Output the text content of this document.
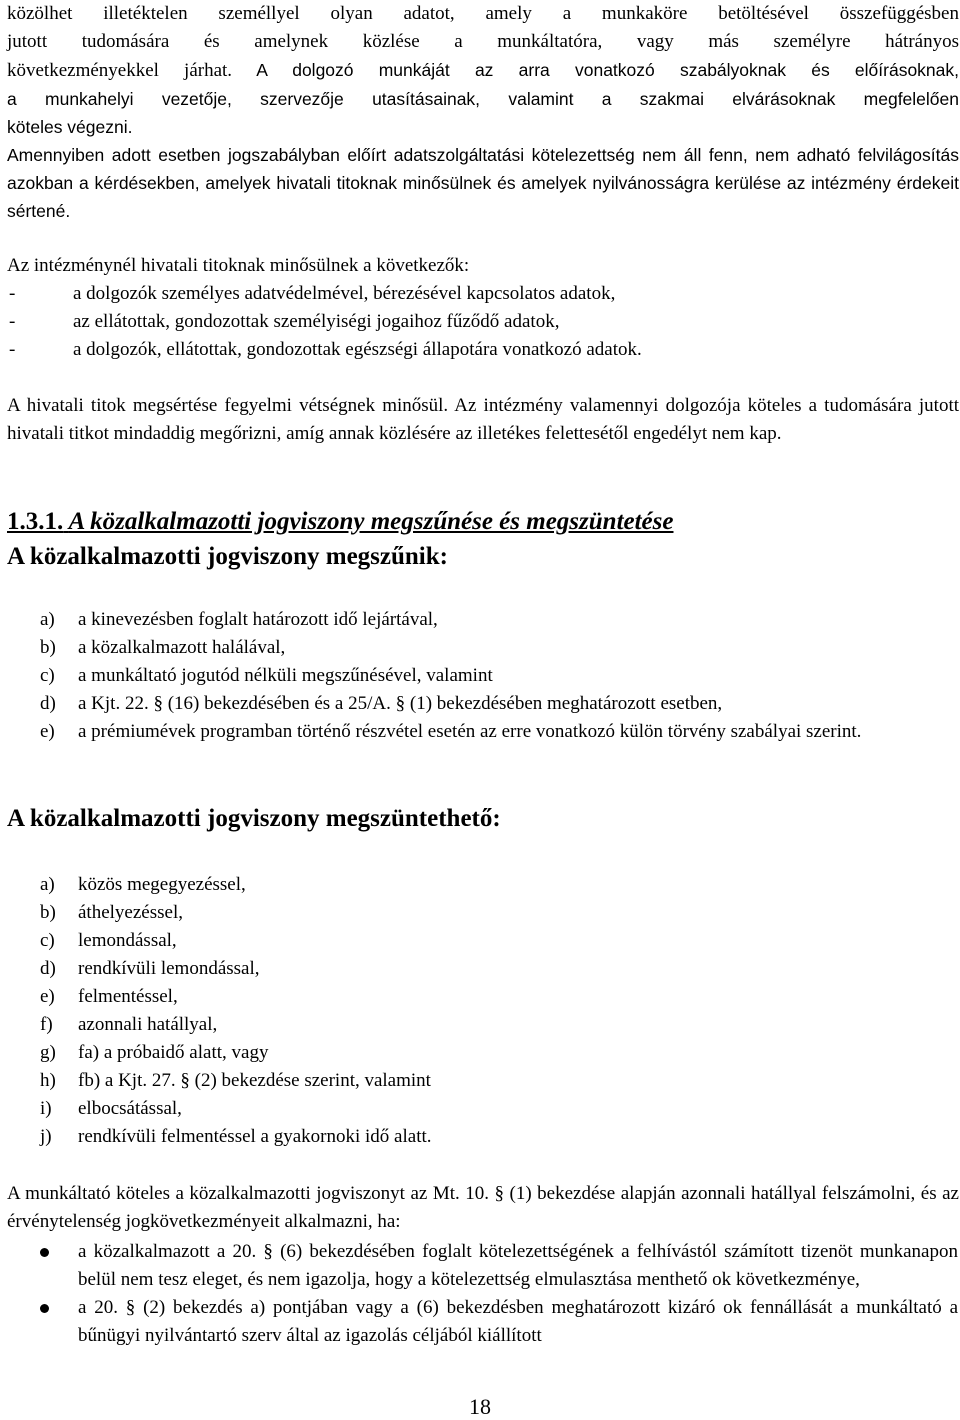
közölhet illetéktelen személlyel olyan adatot, amely a munkaköre betöltésével összefüggésben
jutott tudomására és amelynek közlése a munkáltatóra, vagy más személyre hátrányos
következményekkel járhat. A dolgozó munkáját az arra vonatkozó szabályoknak és előírásoknak,
a munkahelyi vezetője, szervezője utasításainak, valamint a szakmai elvárásoknak megfelelően
köteles végezni.

Amennyiben adott esetben jogszabályban előírt adatszolgáltatási kötelezettség nem áll fenn, nem adható felvilágosítás azokban a kérdésekben, amelyek hivatali titoknak minősülnek és amelyek nyilvánosságra kerülése az intézmény érdekeit sértené.

Az intézménynél hivatali titoknak minősülnek a következők:

-	a dolgozók személyes adatvédelmével, bérezésével kapcsolatos adatok,
-	az ellátottak, gondozottak személyiségi jogaihoz fűződő adatok,
-	a dolgozók, ellátottak, gondozottak egészségi állapotára vonatkozó adatok.

A hivatali titok megsértése fegyelmi vétségnek minősül. Az intézmény valamennyi dolgozója köteles a tudomására jutott hivatali titkot mindaddig megőrizni, amíg annak közlésére az illetékes felettesétől engedélyt nem kap.

1.3.1. A közalkalmazotti jogviszony megszűnése és megszüntetése
A közalkalmazotti jogviszony megszűnik:
a) a kinevezésben foglalt határozott idő lejártával,
b) a közalkalmazott halálával,
c) a munkáltató jogutód nélküli megszűnésével, valamint
d) a Kjt. 22. § (16) bekezdésében és a 25/A. § (1) bekezdésében meghatározott esetben,
e) a prémiumévek programban történő részvétel esetén az erre vonatkozó külön törvény szabályai szerint.
A közalkalmazotti jogviszony megszüntethető:
a) közös megegyezéssel,
b) áthelyezéssel,
c) lemondással,
d) rendkívüli lemondással,
e) felmentéssel,
f) azonnali hatállyal,
g) fa) a próbaidő alatt, vagy
h) fb) a Kjt. 27. § (2) bekezdése szerint, valamint
i) elbocsátással,
j) rendkívüli felmentéssel a gyakornoki idő alatt.

A munkáltató köteles a közalkalmazotti jogviszonyt az Mt. 10. § (1) bekezdése alapján azonnali hatállyal felszámolni, és az érvénytelenség jogkövetkezményeit alkalmazni, ha:

a közalkalmazott a 20. § (6) bekezdésében foglalt kötelezettségének a felhívástól számított tizenöt munkanapon belül nem tesz eleget, és nem igazolja, hogy a kötelezettség elmulasztása menthető ok következménye,
a 20. § (2) bekezdés a) pontjában vagy a (6) bekezdésben meghatározott kizáró ok fennállását a munkáltató a bűnügyi nyilvántartó szerv által az igazolás céljából kiállított
18
